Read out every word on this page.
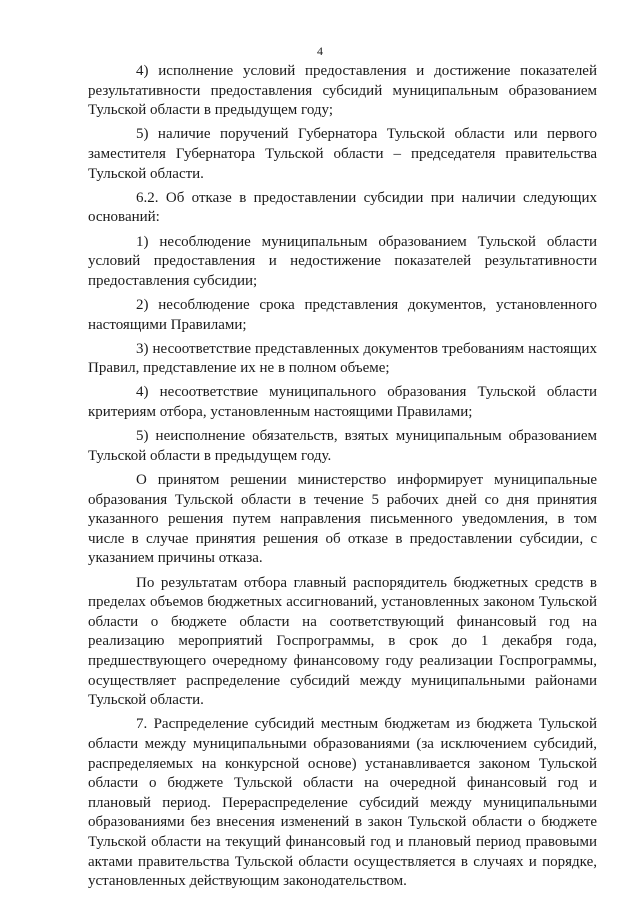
4

4) исполнение условий предоставления и достижение показателей результативности предоставления субсидий муниципальным образованием Тульской области в предыдущем году;

5) наличие поручений Губернатора Тульской области или первого заместителя Губернатора Тульской области – председателя правительства Тульской области.

6.2. Об отказе в предоставлении субсидии при наличии следующих оснований:

1) несоблюдение муниципальным образованием Тульской области условий предоставления и недостижение показателей результативности предоставления субсидии;

2) несоблюдение срока представления документов, установленного настоящими Правилами;

3) несоответствие представленных документов требованиям настоящих Правил, представление их не в полном объеме;

4) несоответствие муниципального образования Тульской области критериям отбора, установленным настоящими Правилами;

5) неисполнение обязательств, взятых муниципальным образованием Тульской области в предыдущем году.

О принятом решении министерство информирует муниципальные образования Тульской области в течение 5 рабочих дней со дня принятия указанного решения путем направления письменного уведомления, в том числе в случае принятия решения об отказе в предоставлении субсидии, с указанием причины отказа.

По результатам отбора главный распорядитель бюджетных средств в пределах объемов бюджетных ассигнований, установленных законом Тульской области о бюджете области на соответствующий финансовый год на реализацию мероприятий Госпрограммы, в срок до 1 декабря года, предшествующего очередному финансовому году реализации Госпрограммы, осуществляет распределение субсидий между муниципальными районами Тульской области.

7. Распределение субсидий местным бюджетам из бюджета Тульской области между муниципальными образованиями (за исключением субсидий, распределяемых на конкурсной основе) устанавливается законом Тульской области о бюджете Тульской области на очередной финансовый год и плановый период. Перераспределение субсидий между муниципальными образованиями без внесения изменений в закон Тульской области о бюджете Тульской области на текущий финансовый год и плановый период правовыми актами правительства Тульской области осуществляется в случаях и порядке, установленных действующим законодательством.
